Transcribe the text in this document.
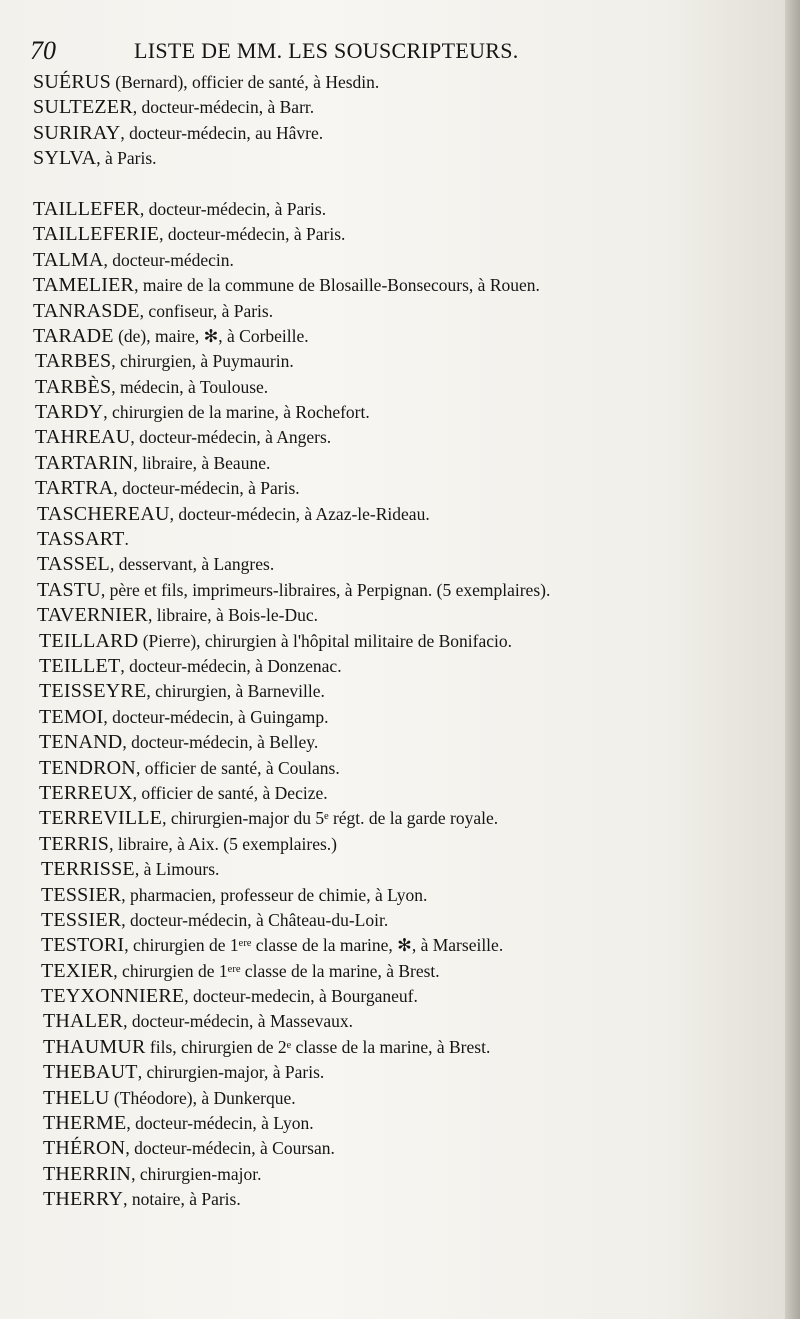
70	LISTE DE MM. LES SOUSCRIPTEURS.
SUÉRUS (Bernard), officier de santé, à Hesdin.
SULTEZER, docteur-médecin, à Barr.
SURIRAY, docteur-médecin, au Hâvre.
SYLVA, à Paris.
TAILLEFER, docteur-médecin, à Paris.
TAILLEFERIE, docteur-médecin, à Paris.
TALMA, docteur-médecin.
TAMELIER, maire de la commune de Blosaille-Bonsecours, à Rouen.
TANRASDE, confiseur, à Paris.
TARADE (de), maire, ✻, à Corbeille.
TARBES, chirurgien, à Puymaurin.
TARBÈS, médecin, à Toulouse.
TARDY, chirurgien de la marine, à Rochefort.
TAHREAU, docteur-médecin, à Angers.
TARTARIN, libraire, à Beaune.
TARTRA, docteur-médecin, à Paris.
TASCHEREAU, docteur-médecin, à Azaz-le-Rideau.
TASSART.
TASSEL, desservant, à Langres.
TASTU, père et fils, imprimeurs-libraires, à Perpignan. (5 exemplaires).
TAVERNIER, libraire, à Bois-le-Duc.
TEILLARD (Pierre), chirurgien à l'hôpital militaire de Bonifacio.
TEILLET, docteur-médecin, à Donzenac.
TEISSEYRE, chirurgien, à Barneville.
TEMOI, docteur-médecin, à Guingamp.
TENAND, docteur-médecin, à Belley.
TENDRON, officier de santé, à Coulans.
TERREUX, officier de santé, à Decize.
TERREVILLE, chirurgien-major du 5ᵉ régt. de la garde royale.
TERRIS, libraire, à Aix. (5 exemplaires.)
TERRISSE, à Limours.
TESSIER, pharmacien, professeur de chimie, à Lyon.
TESSIER, docteur-médecin, à Château-du-Loir.
TESTORI, chirurgien de 1ᵉʳᵉ classe de la marine, ✻, à Marseille.
TEXIER, chirurgien de 1ᵉʳᵉ classe de la marine, à Brest.
TEYXONNIERE, docteur-medecin, à Bourganeuf.
THALER, docteur-médecin, à Massevaux.
THAUMUR fils, chirurgien de 2ᵉ classe de la marine, à Brest.
THEBAUT, chirurgien-major, à Paris.
THELU (Théodore), à Dunkerque.
THERME, docteur-médecin, à Lyon.
THÉRON, docteur-médecin, à Coursan.
THERRIN, chirurgien-major.
THERRY, notaire, à Paris.
